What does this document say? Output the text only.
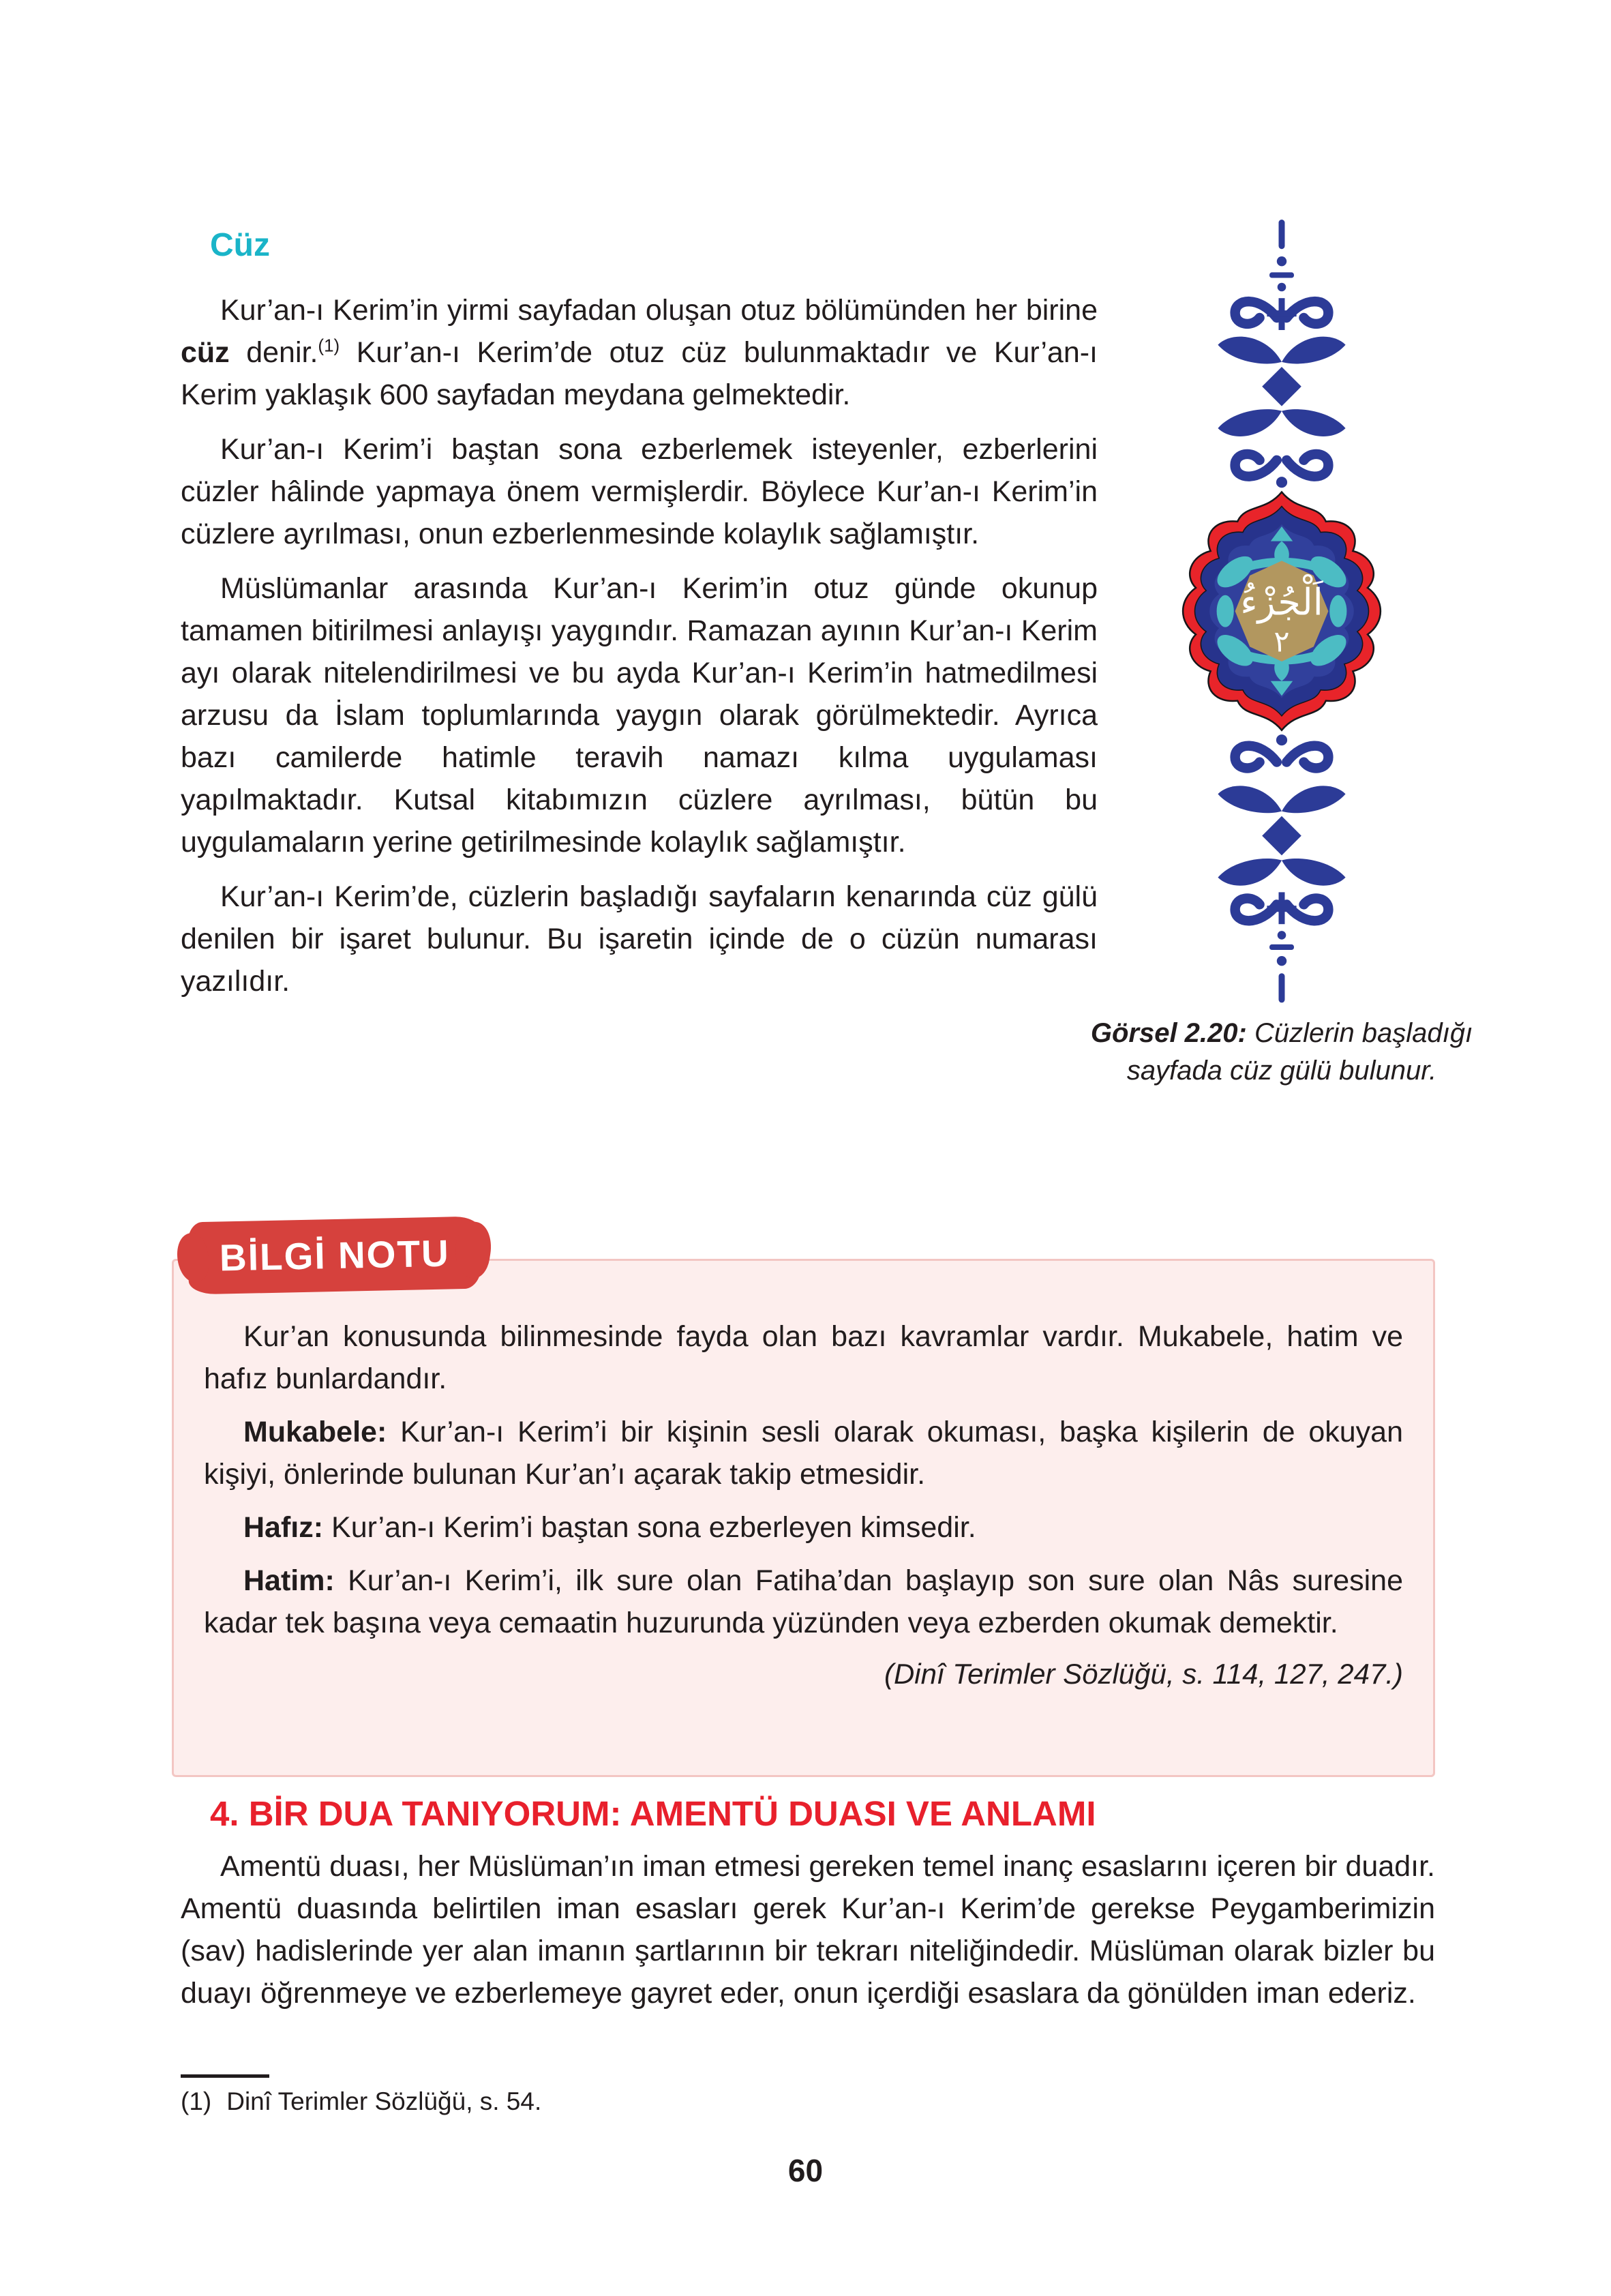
Cüz

Kur’an-ı Kerim’in yirmi sayfadan oluşan otuz bölümünden her birine cüz denir.$^{(1)}$ Kur’an-ı Kerim’de otuz cüz bulunmaktadır ve Kur’an-ı Kerim yaklaşık 600 sayfadan meydana gelmektedir.

Kur’an-ı Kerim’i baştan sona ezberlemek isteyenler, ezberlerini cüzler hâlinde yapmaya önem vermişlerdir. Böylece Kur’an-ı Kerim’in cüzlere ayrılması, onun ezberlenmesinde kolaylık sağlamıştır.

Müslümanlar arasında Kur’an-ı Kerim’in otuz günde okunup tamamen bitirilmesi anlayışı yaygındır. Ramazan ayının Kur’an-ı Kerim ayı olarak nitelendirilmesi ve bu ayda Kur’an-ı Kerim’in hatmedilmesi arzusu da İslam toplumlarında yaygın olarak görülmektedir. Ayrıca bazı camilerde hatimle teravih namazı kılma uygulaması yapılmaktadır. Kutsal kitabımızın cüzlere ayrılması, bütün bu uygulamaların yerine getirilmesinde kolaylık sağlamıştır.

Kur’an-ı Kerim’de, cüzlerin başladığı sayfaların kenarında cüz gülü denilen bir işaret bulunur. Bu işaretin içinde de o cüzün numarası yazılıdır.

اَلْجُزْءُ
٢
Görsel 2.20: Cüzlerin başladığı sayfada cüz gülü bulunur.
BİLGİ NOTU

Kur’an konusunda bilinmesinde fayda olan bazı kavramlar vardır. Mukabele, hatim ve hafız bunlardandır.

Mukabele: Kur’an-ı Kerim’i bir kişinin sesli olarak okuması, başka kişilerin de okuyan kişiyi, önlerinde bulunan Kur’an’ı açarak takip etmesidir.

Hafız: Kur’an-ı Kerim’i baştan sona ezberleyen kimsedir.

Hatim: Kur’an-ı Kerim’i, ilk sure olan Fatiha’dan başlayıp son sure olan Nâs suresine kadar tek başına veya cemaatin huzurunda yüzünden veya ezberden okumak demektir.

(Dinî Terimler Sözlüğü, s. 114, 127, 247.)

4. BİR DUA TANIYORUM: AMENTÜ DUASI VE ANLAMI

Amentü duası, her Müslüman’ın iman etmesi gereken temel inanç esaslarını içeren bir duadır. Amentü duasında belirtilen iman esasları gerek Kur’an-ı Kerim’de gerekse Peygamberimizin (sav) hadislerinde yer alan imanın şartlarının bir tekrarı niteliğindedir. Müslüman olarak bizler bu duayı öğrenmeye ve ezberlemeye gayret eder, onun içerdiği esaslara da gönülden iman ederiz.

(1) Dinî Terimler Sözlüğü, s. 54.

60
